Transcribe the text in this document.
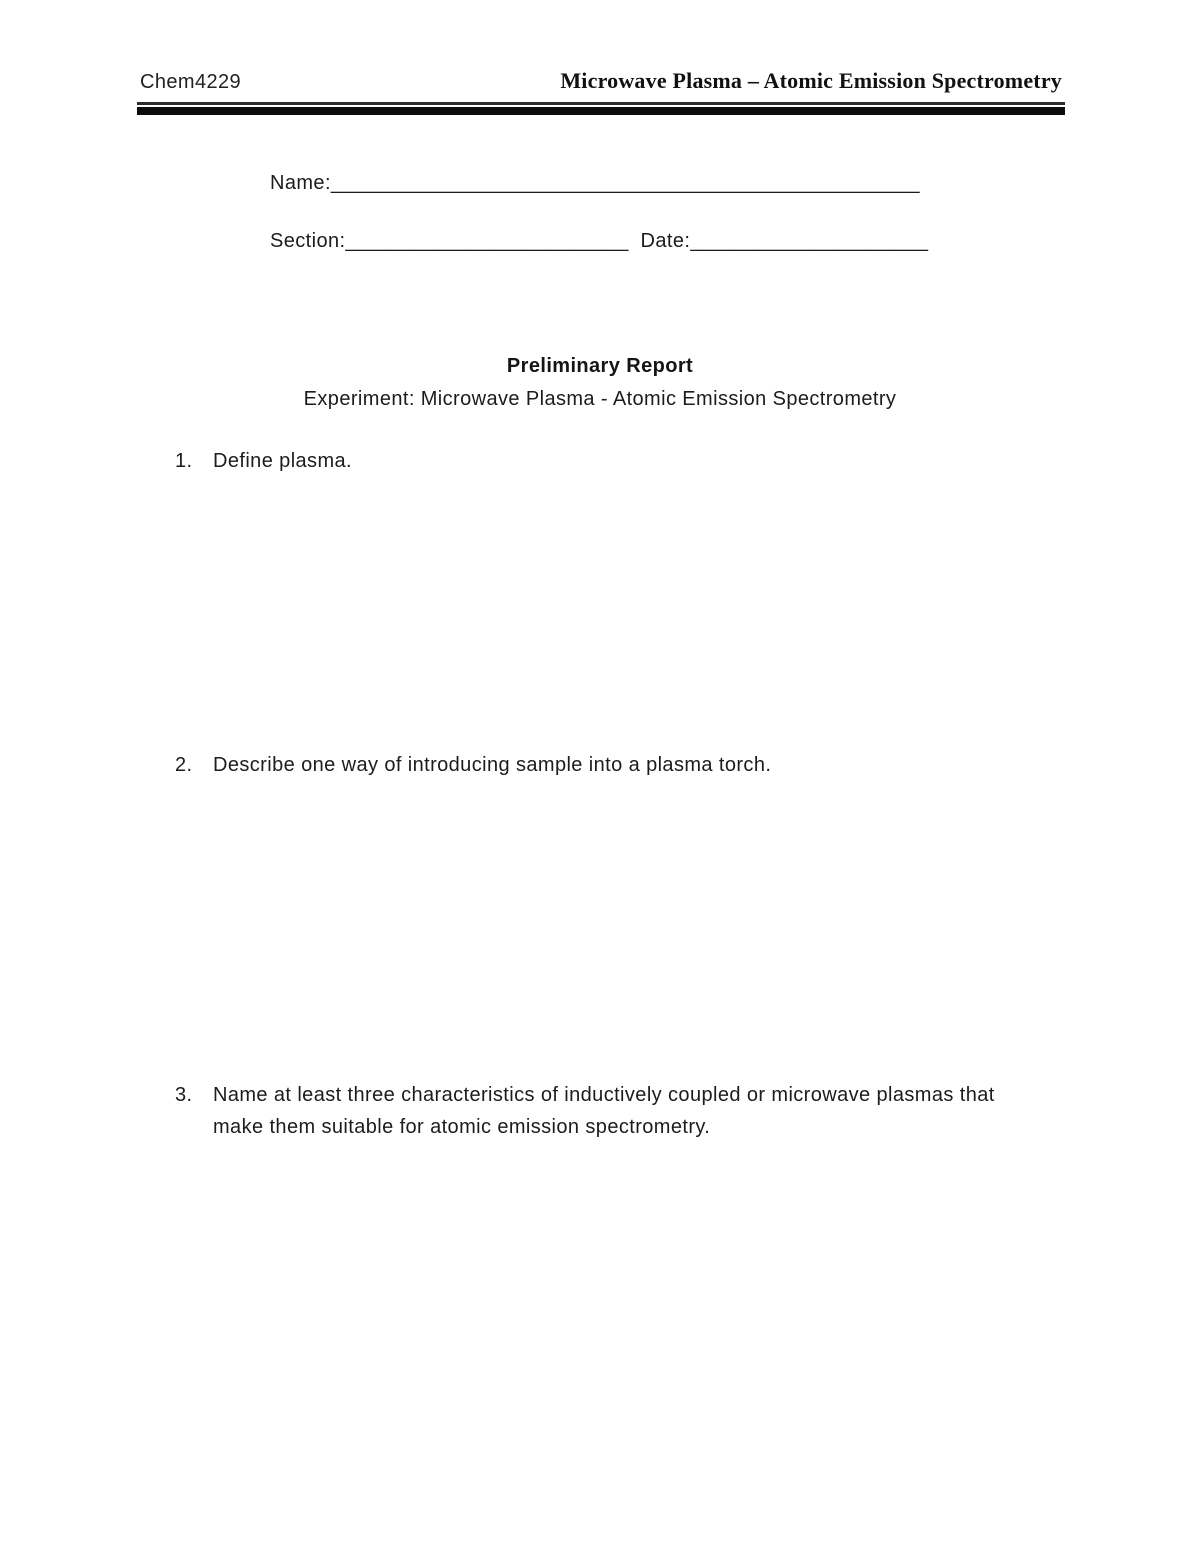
Chem4229	Microwave Plasma – Atomic Emission Spectrometry
Name:____________________________________________________
Section:_________________________ Date:_____________________
Preliminary Report
Experiment: Microwave Plasma - Atomic Emission Spectrometry
1.	Define plasma.
2.	Describe one way of introducing sample into a plasma torch.
3.	Name at least three characteristics of inductively coupled or microwave plasmas that make them suitable for atomic emission spectrometry.
